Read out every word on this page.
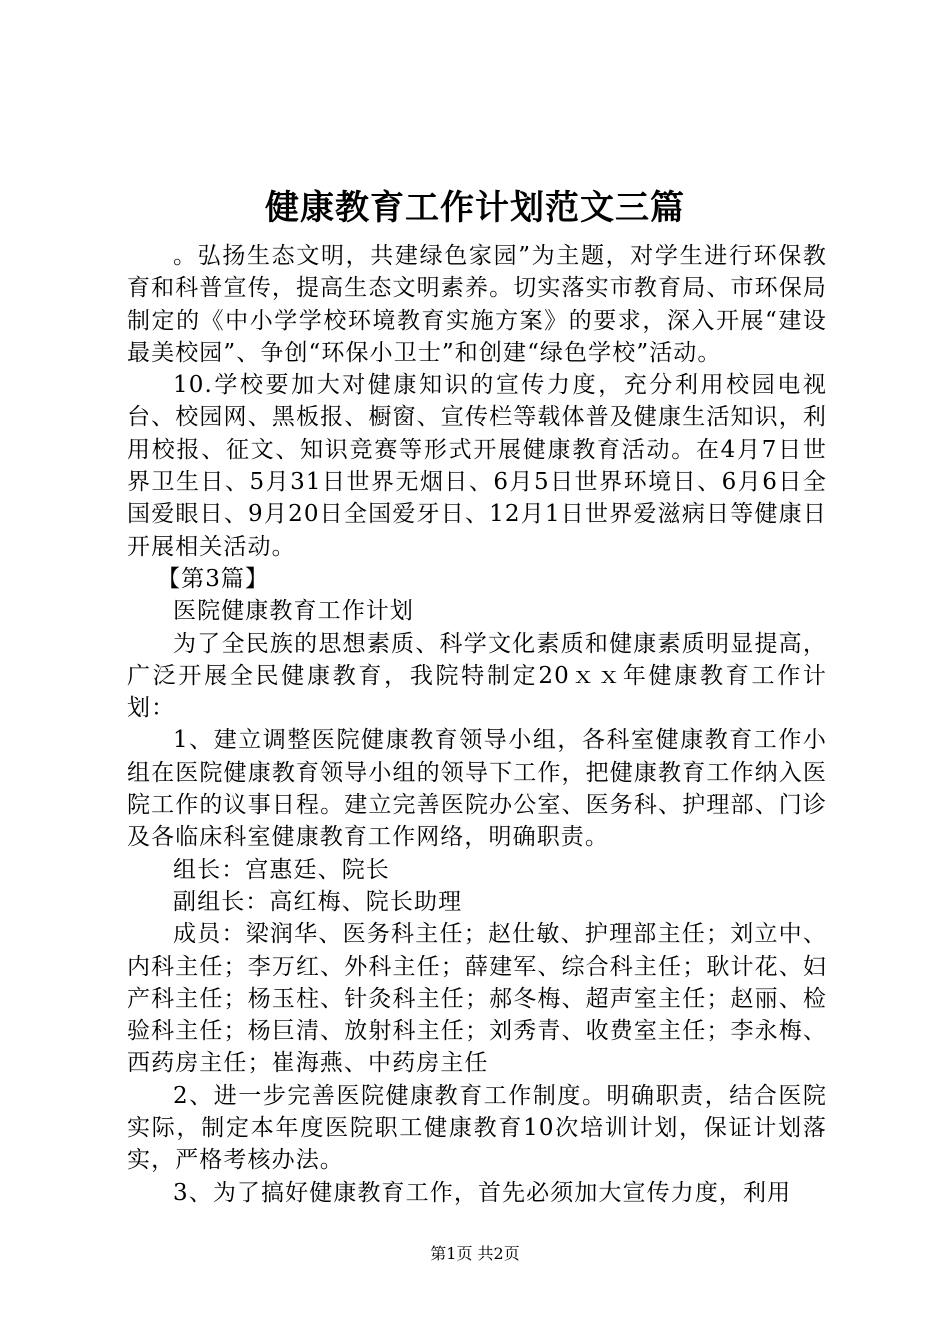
健康教育工作计划范文三篇

。弘扬生态文明，共建绿色家园”为主题，对学生进行环保教育和科普宣传，提高生态文明素养。切实落实市教育局、市环保局制定的《中小学学校环境教育实施方案》的要求，深入开展“建设最美校园”、争创“环保小卫士”和创建“绿色学校”活动。

10.学校要加大对健康知识的宣传力度，充分利用校园电视台、校园网、黑板报、橱窗、宣传栏等载体普及健康生活知识，利用校报、征文、知识竞赛等形式开展健康教育活动。在4月7日世界卫生日、5月31日世界无烟日、6月5日世界环境日、6月6日全国爱眼日、9月20日全国爱牙日、12月1日世界爱滋病日等健康日开展相关活动。

【第3篇】

医院健康教育工作计划

为了全民族的思想素质、科学文化素质和健康素质明显提高，广泛开展全民健康教育，我院特制定20ｘｘ年健康教育工作计划：

1、建立调整医院健康教育领导小组，各科室健康教育工作小组在医院健康教育领导小组的领导下工作，把健康教育工作纳入医院工作的议事日程。建立完善医院办公室、医务科、护理部、门诊及各临床科室健康教育工作网络，明确职责。

组长：宫惠廷、院长

副组长：高红梅、院长助理

成员：梁润华、医务科主任；赵仕敏、护理部主任；刘立中、内科主任；李万红、外科主任；薛建军、综合科主任；耿计花、妇产科主任；杨玉柱、针灸科主任；郝冬梅、超声室主任；赵丽、检验科主任；杨巨清、放射科主任；刘秀青、收费室主任；李永梅、西药房主任；崔海燕、中药房主任

2、进一步完善医院健康教育工作制度。明确职责，结合医院实际，制定本年度医院职工健康教育10次培训计划，保证计划落实，严格考核办法。

3、为了搞好健康教育工作，首先必须加大宣传力度，利用

第1页 共2页
